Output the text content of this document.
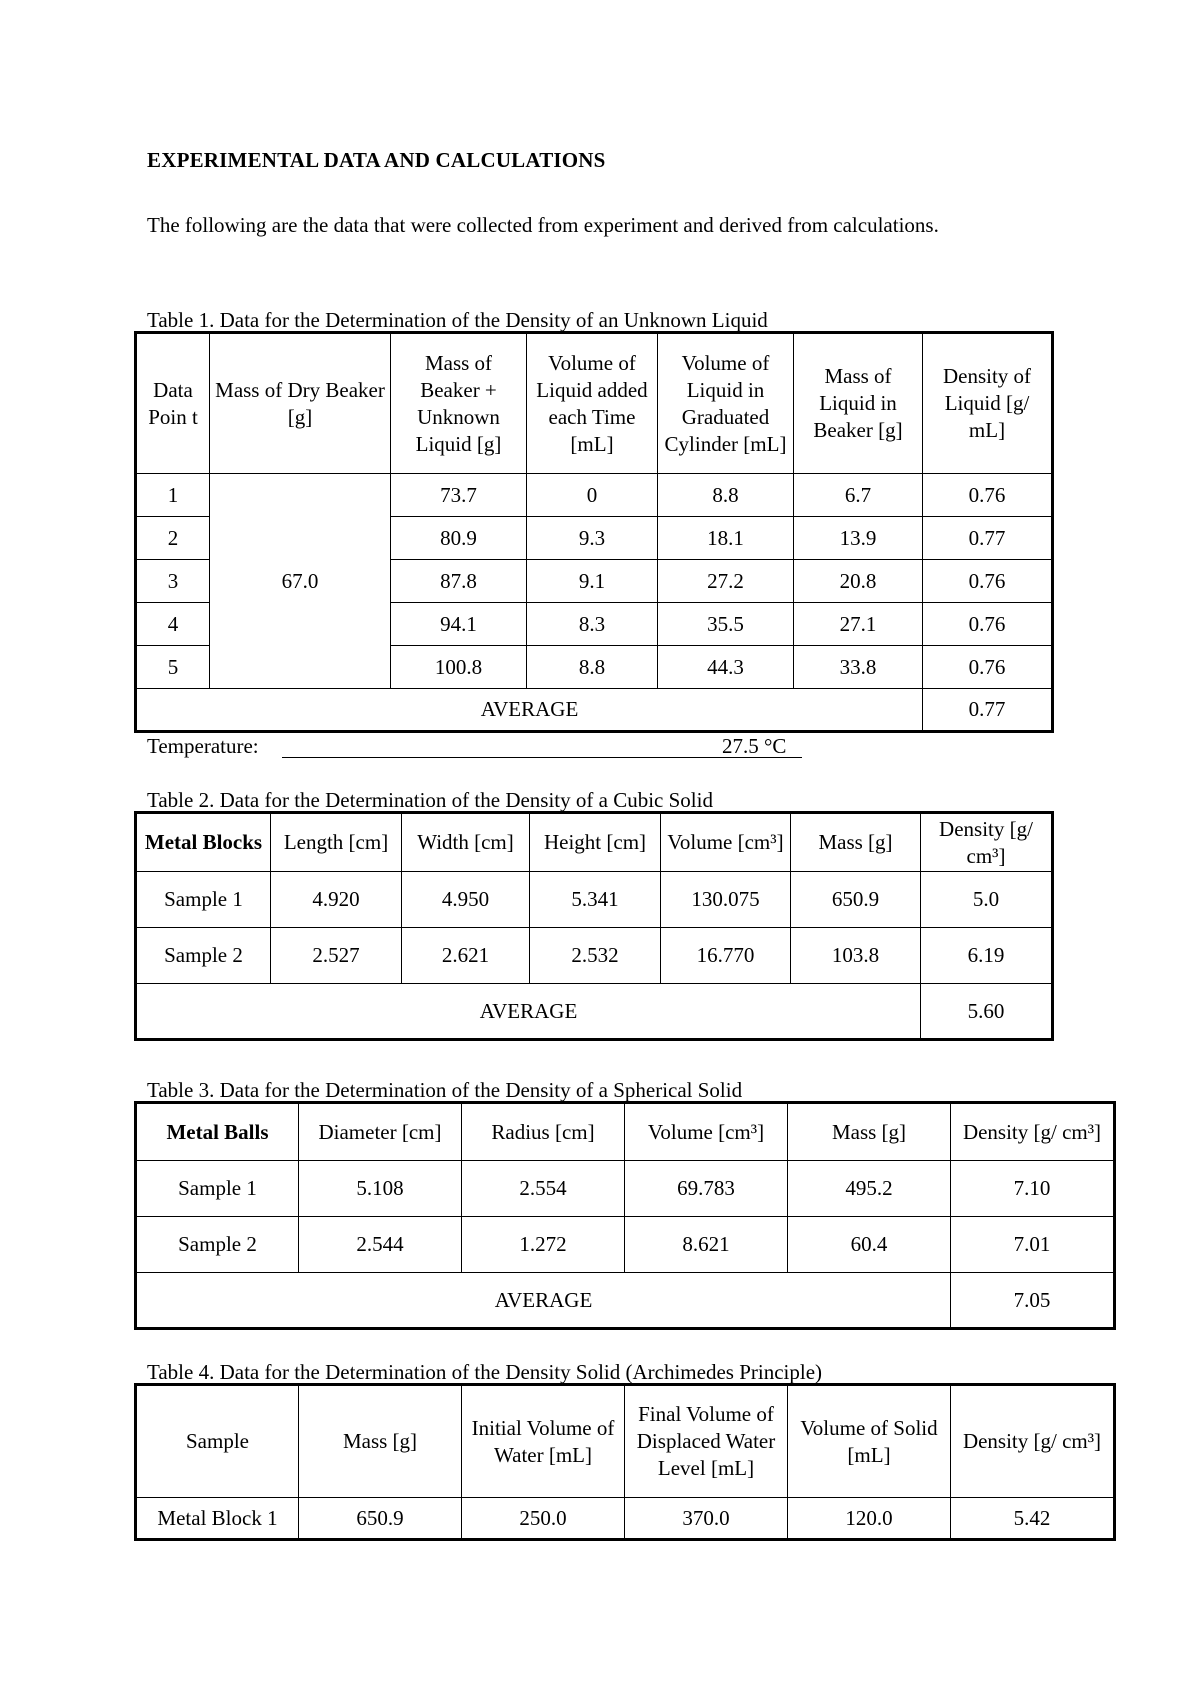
EXPERIMENTAL DATA AND CALCULATIONS
The following are the data that were collected from experiment and derived from calculations.
Table 1. Data for the Determination of the Density of an Unknown Liquid
Data Poin t	Mass of Dry Beaker [g]	Mass of Beaker + Unknown Liquid [g]	Volume of Liquid added each Time [mL]	Volume of Liquid in Graduated Cylinder [mL]	Mass of Liquid in Beaker [g]	Density of Liquid [g/ mL]
1	67.0	73.7	0	8.8	6.7	0.76
2		80.9	9.3	18.1	13.9	0.77
3		87.8	9.1	27.2	20.8	0.76
4		94.1	8.3	35.5	27.1	0.76
5		100.8	8.8	44.3	33.8	0.76
AVERAGE						0.77
Temperature:	27.5 °C
Table 2. Data for the Determination of the Density of a Cubic Solid
Metal Blocks	Length [cm]	Width [cm]	Height [cm]	Volume [cm³]	Mass [g]	Density [g/ cm³]
Sample 1	4.920	4.950	5.341	130.075	650.9	5.0
Sample 2	2.527	2.621	2.532	16.770	103.8	6.19
AVERAGE						5.60
Table 3. Data for the Determination of the Density of a Spherical Solid
Metal Balls	Diameter [cm]	Radius [cm]	Volume [cm³]	Mass [g]	Density [g/ cm³]
Sample 1	5.108	2.554	69.783	495.2	7.10
Sample 2	2.544	1.272	8.621	60.4	7.01
AVERAGE					7.05
Table 4. Data for the Determination of the Density Solid (Archimedes Principle)
Sample	Mass [g]	Initial Volume of Water [mL]	Final Volume of Displaced Water Level [mL]	Volume of Solid [mL]	Density [g/ cm³]
Metal Block 1	650.9	250.0	370.0	120.0	5.42
